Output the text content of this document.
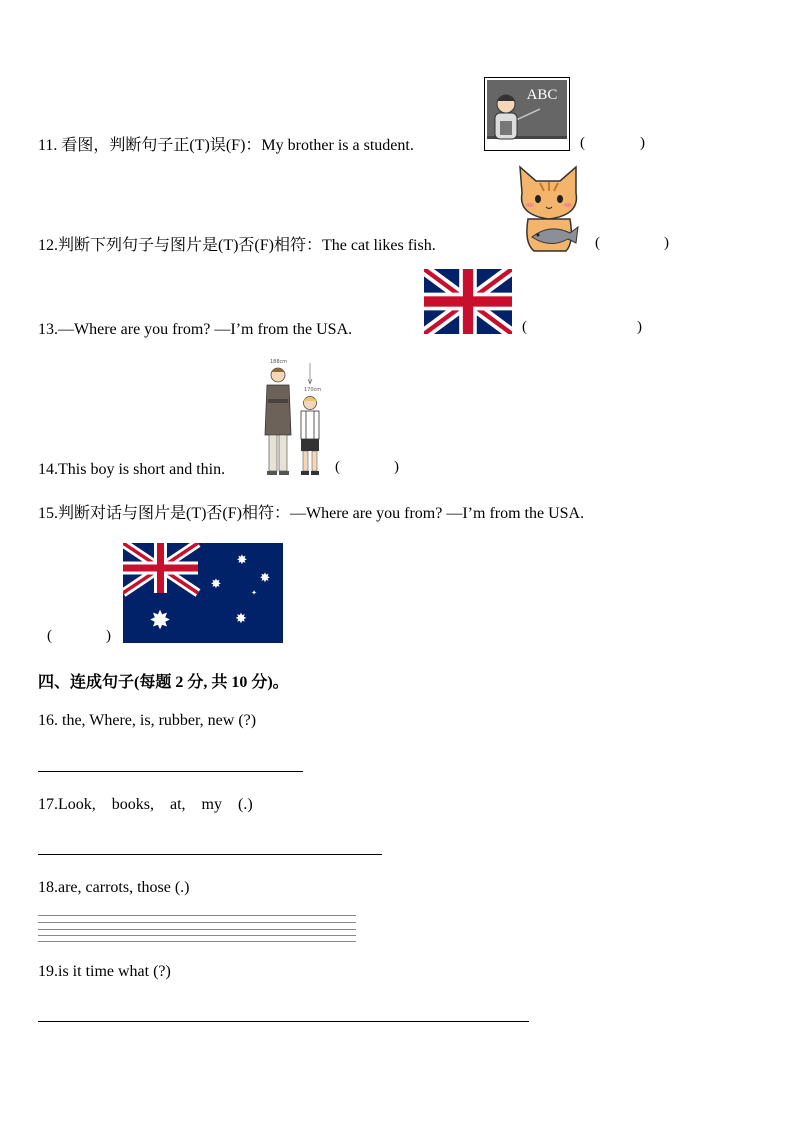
11. 看图，判断句子正(T)误(F)：My brother is a student.
ABC
(	)
12.判断下列句子与图片是(T)否(F)相符：The cat likes fish.	(	)
13.—Where are you from? —I’m from the USA.	(	)
14.This boy is short and thin.
188cm
170cm
(	)
15.判断对话与图片是(T)否(F)相符：—Where are you from? —I’m from the USA.
✸	✸
✸
✸
✸
✦
(	)
四、连成句子(每题 2 分, 共 10 分)。
16. the, Where, is, rubber, new (?)
17.Look,    books,    at,    my    (.)
18.are, carrots, those (.)
19.is it time what (?)
